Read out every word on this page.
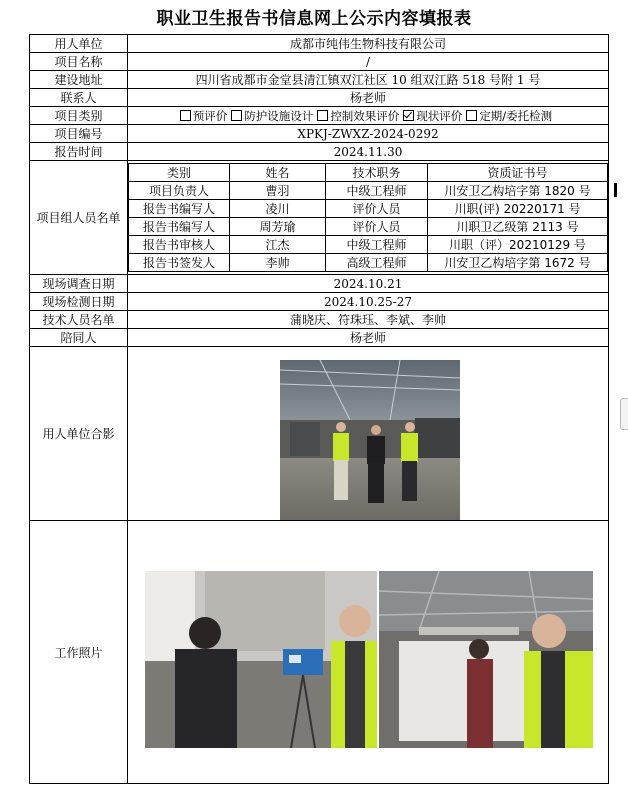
职业卫生报告书信息网上公示内容填报表
用人单位	成都市纯伟生物科技有限公司
项目名称	/
建设地址	四川省成都市金堂县清江镇双江社区 10 组双江路 518 号附 1 号
联系人	杨老师
项目类别	预评价 防护设施设计 控制效果评价 现状评价 定期/委托检测
项目编号	XPKJ-ZWXZ-2024-0292
报告时间	2024.11.30
项目组人员名单	
类别	姓名	技术职务	资质证书号
项目负责人	曹羽	中级工程师	川安卫乙构培字第 1820 号
报告书编写人	凌川	评价人员	川职(评) 20220171 号
报告书编写人	周芳瑜	评价人员	川职卫乙级第 2113 号
报告书审核人	江杰	中级工程师	川职（评）20210129 号
报告书签发人	李帅	高级工程师	川安卫乙构培字第 1672 号

现场调查日期	2024.10.21
现场检测日期	2024.10.25-27
技术人员名单	蒲晓庆、符珠珏、李斌、李帅
陪同人	杨老师
用人单位合影	
工作照片	
